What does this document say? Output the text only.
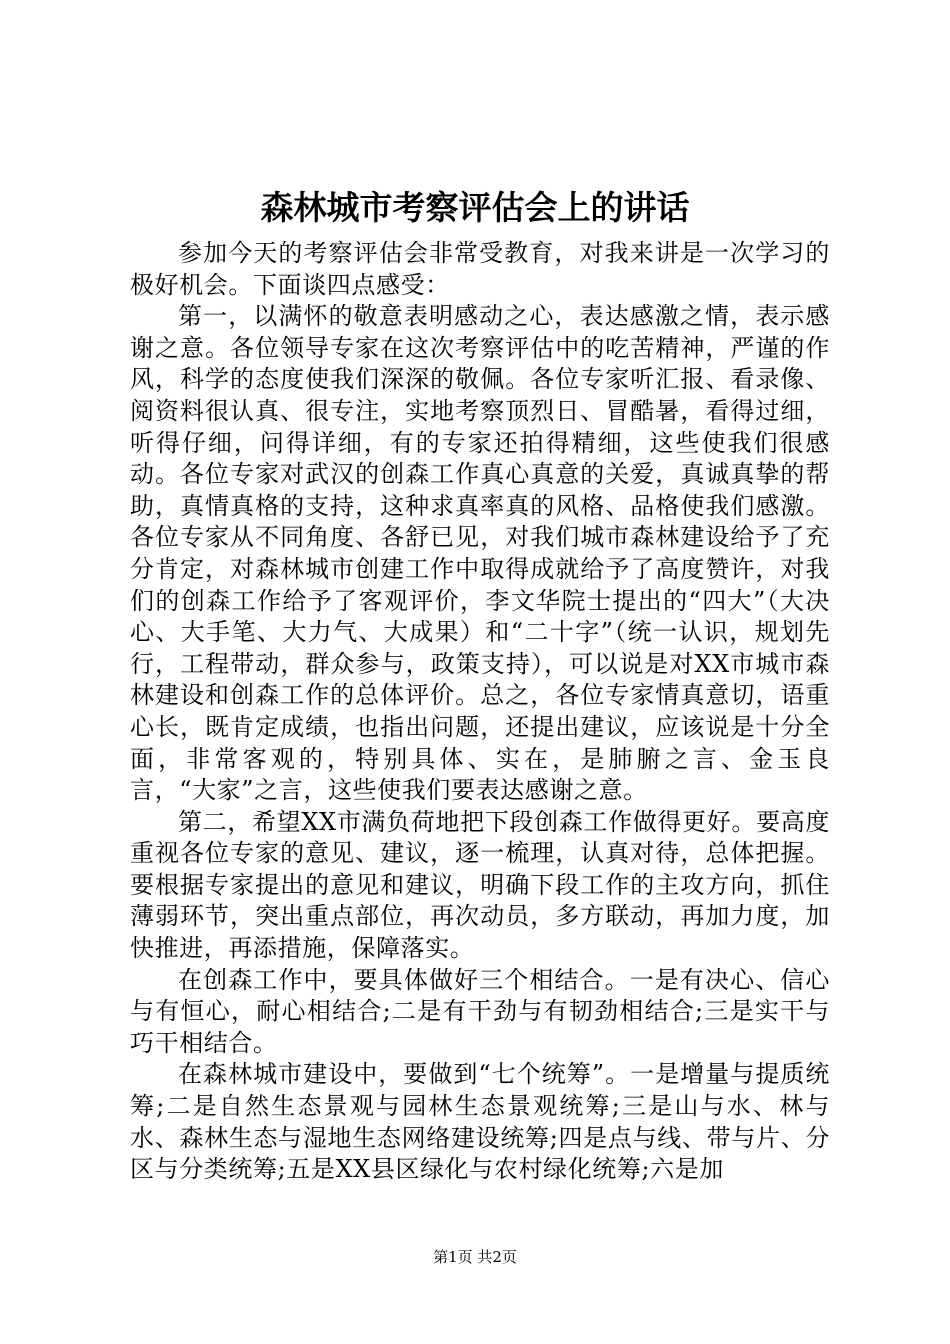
森林城市考察评估会上的讲话

参加今天的考察评估会非常受教育，对我来讲是一次学习的极好机会。下面谈四点感受：

第一，以满怀的敬意表明感动之心，表达感激之情，表示感谢之意。各位领导专家在这次考察评估中的吃苦精神，严谨的作风，科学的态度使我们深深的敬佩。各位专家听汇报、看录像、阅资料很认真、很专注，实地考察顶烈日、冒酷暑，看得过细，听得仔细，问得详细，有的专家还拍得精细，这些使我们很感动。各位专家对武汉的创森工作真心真意的关爱，真诚真挚的帮助，真情真格的支持，这种求真率真的风格、品格使我们感激。各位专家从不同角度、各舒已见，对我们城市森林建设给予了充分肯定，对森林城市创建工作中取得成就给予了高度赞许，对我们的创森工作给予了客观评价，李文华院士提出的“四大”（大决心、大手笔、大力气、大成果）和“二十字”（统一认识，规划先行，工程带动，群众参与，政策支持），可以说是对XX市城市森林建设和创森工作的总体评价。总之，各位专家情真意切，语重心长，既肯定成绩，也指出问题，还提出建议，应该说是十分全面，非常客观的，特别具体、实在，是肺腑之言、金玉良言，“大家”之言，这些使我们要表达感谢之意。

第二，希望XX市满负荷地把下段创森工作做得更好。要高度重视各位专家的意见、建议，逐一梳理，认真对待，总体把握。要根据专家提出的意见和建议，明确下段工作的主攻方向，抓住薄弱环节，突出重点部位，再次动员，多方联动，再加力度，加快推进，再添措施，保障落实。

在创森工作中，要具体做好三个相结合。一是有决心、信心与有恒心，耐心相结合;二是有干劲与有韧劲相结合;三是实干与巧干相结合。

在森林城市建设中，要做到“七个统筹”。一是增量与提质统筹;二是自然生态景观与园林生态景观统筹;三是山与水、林与水、森林生态与湿地生态网络建设统筹;四是点与线、带与片、分区与分类统筹;五是XX县区绿化与农村绿化统筹;六是加

第1页 共2页
